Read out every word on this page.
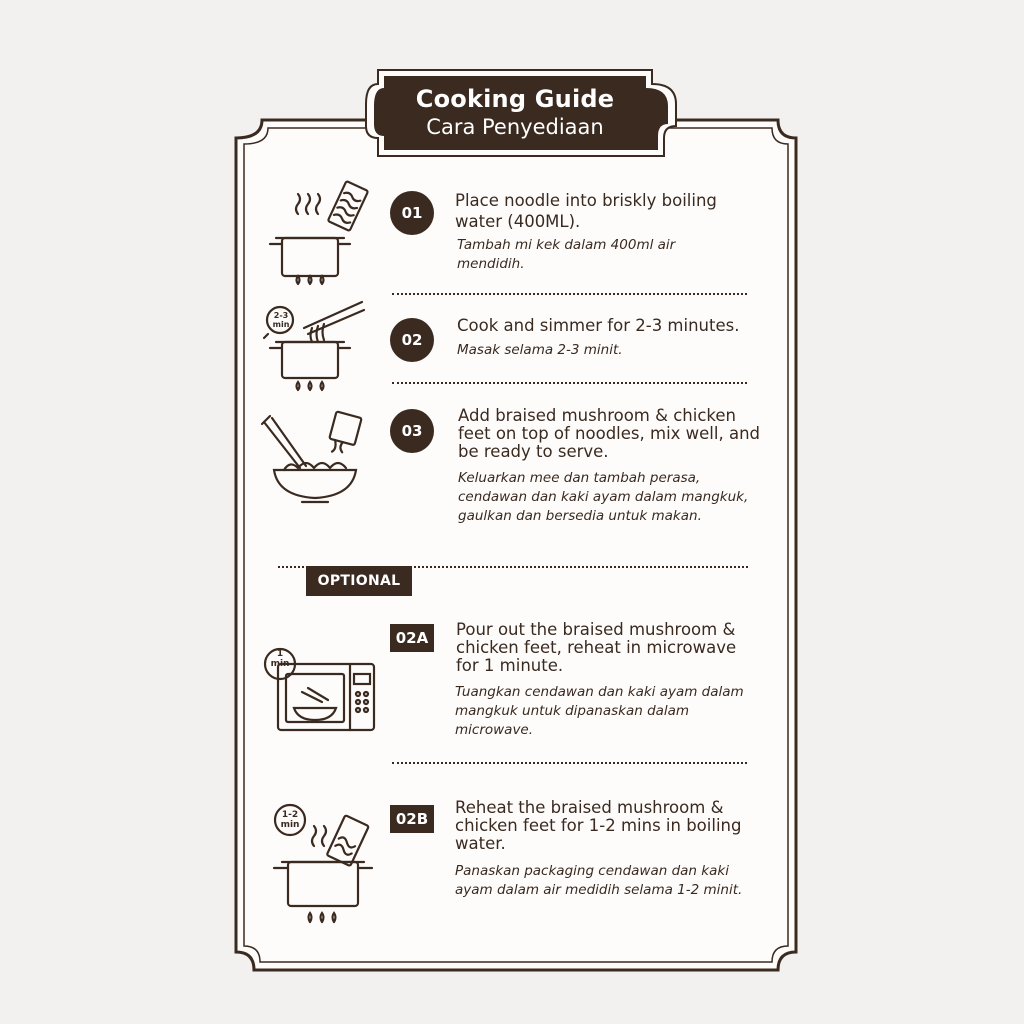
Cooking Guide
Cara Penyediaan
01
Place noodle into briskly boiling water (400ML).
Tambah mi kek dalam 400ml air mendidih.
2-3 min
02
Cook and simmer for 2-3 minutes.
Masak selama 2-3 minit.
03
Add braised mushroom & chicken feet on top of noodles, mix well, and be ready to serve.
Keluarkan mee dan tambah perasa, cendawan dan kaki ayam dalam mangkuk, gaulkan dan bersedia untuk makan.
OPTIONAL
1 min
02A	Pour out the braised mushroom & chicken feet, reheat in microwave for 1 minute.
Tuangkan cendawan dan kaki ayam dalam mangkuk untuk dipanaskan dalam microwave.
1-2 min	02B
Reheat the braised mushroom & chicken feet for 1-2 mins in boiling water.
Panaskan packaging cendawan dan kaki ayam dalam air medidih selama 1-2 minit.
